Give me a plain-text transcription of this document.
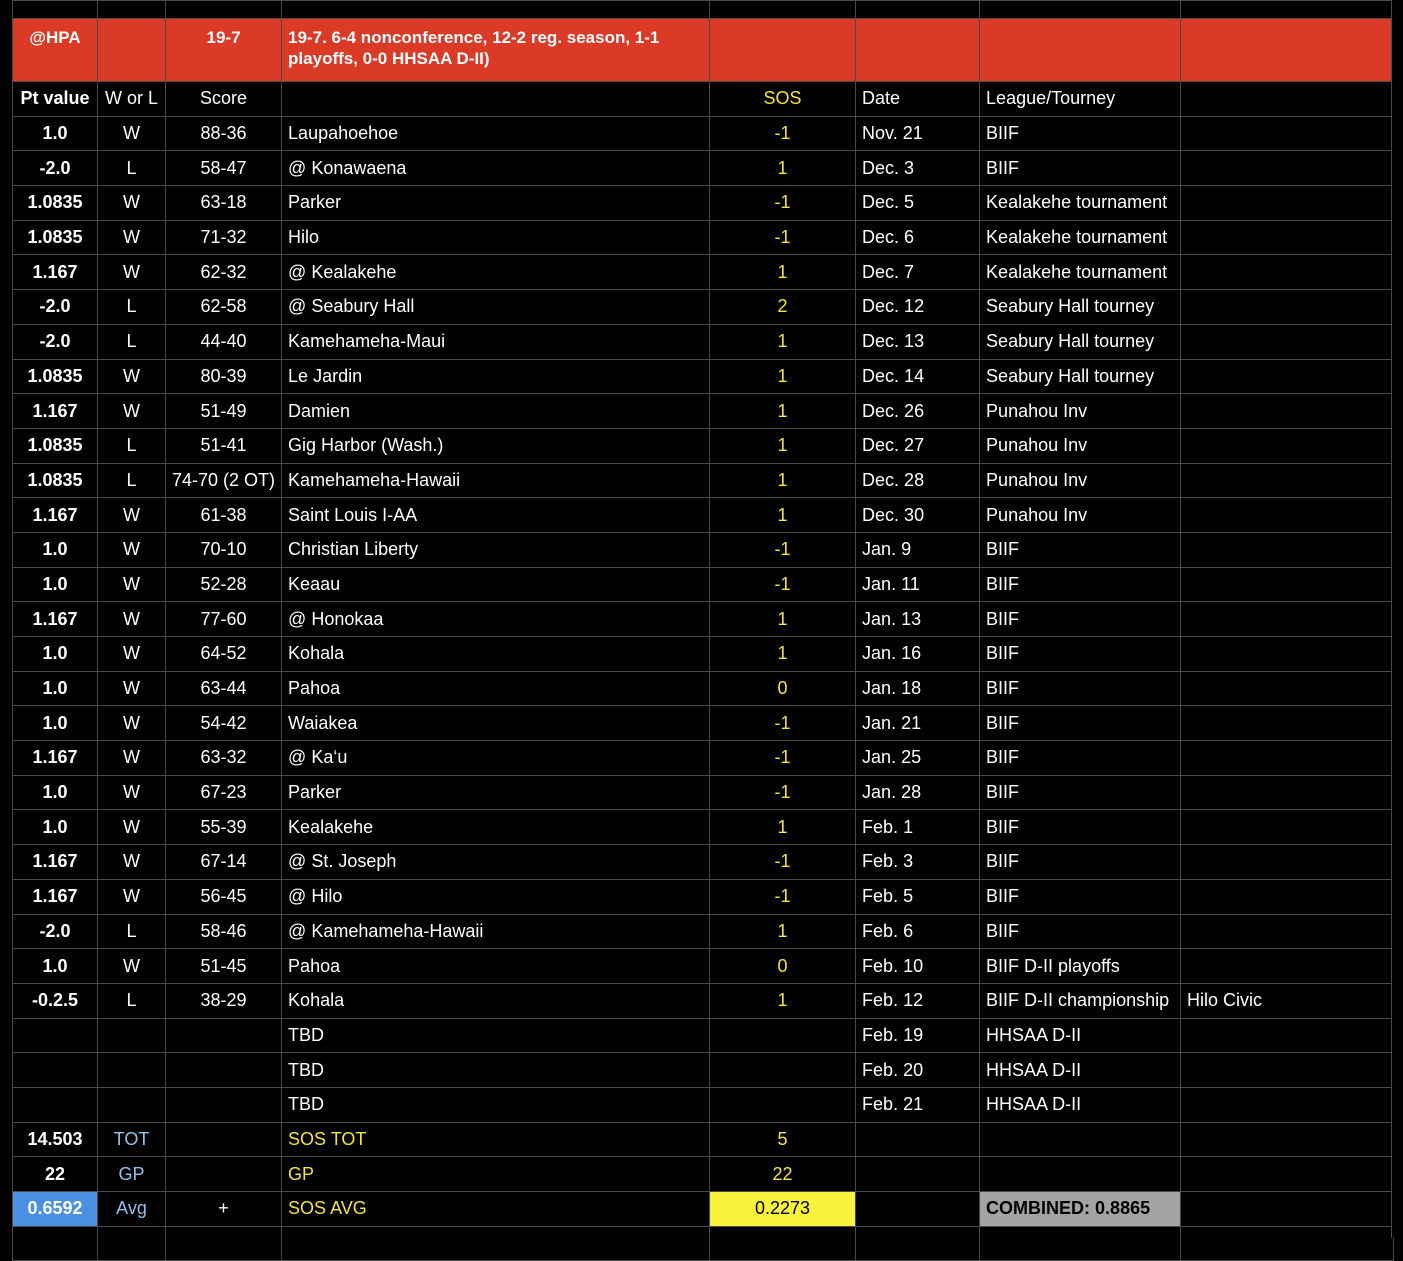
@HPA		19-7	19-7. 6-4 nonconference, 12-2 reg. season, 1-1 playoffs, 0-0 HHSAA D-II)				
Pt value	W or L	Score		SOS	Date	League/Tourney	
1.0	W	88-36	Laupahoehoe	-1	Nov. 21	BIIF	
-2.0	L	58-47	@ Konawaena	1	Dec. 3	BIIF	
1.0835	W	63-18	Parker	-1	Dec. 5	Kealakehe tournament	
1.0835	W	71-32	Hilo	-1	Dec. 6	Kealakehe tournament	
1.167	W	62-32	@ Kealakehe	1	Dec. 7	Kealakehe tournament	
-2.0	L	62-58	@ Seabury Hall	2	Dec. 12	Seabury Hall tourney	
-2.0	L	44-40	Kamehameha-Maui	1	Dec. 13	Seabury Hall tourney	
1.0835	W	80-39	Le Jardin	1	Dec. 14	Seabury Hall tourney	
1.167	W	51-49	Damien	1	Dec. 26	Punahou Inv	
1.0835	L	51-41	Gig Harbor (Wash.)	1	Dec. 27	Punahou Inv	
1.0835	L	74-70 (2 OT)	Kamehameha-Hawaii	1	Dec. 28	Punahou Inv	
1.167	W	61-38	Saint Louis I-AA	1	Dec. 30	Punahou Inv	
1.0	W	70-10	Christian Liberty	-1	Jan. 9	BIIF	
1.0	W	52-28	Keaau	-1	Jan. 11	BIIF	
1.167	W	77-60	@ Honokaa	1	Jan. 13	BIIF	
1.0	W	64-52	Kohala	1	Jan. 16	BIIF	
1.0	W	63-44	Pahoa	0	Jan. 18	BIIF	
1.0	W	54-42	Waiakea	-1	Jan. 21	BIIF	
1.167	W	63-32	@ Ka‘u	-1	Jan. 25	BIIF	
1.0	W	67-23	Parker	-1	Jan. 28	BIIF	
1.0	W	55-39	Kealakehe	1	Feb. 1	BIIF	
1.167	W	67-14	@ St. Joseph	-1	Feb. 3	BIIF	
1.167	W	56-45	@ Hilo	-1	Feb. 5	BIIF	
-2.0	L	58-46	@ Kamehameha-Hawaii	1	Feb. 6	BIIF	
1.0	W	51-45	Pahoa	0	Feb. 10	BIIF D-II playoffs	
-0.2.5	L	38-29	Kohala	1	Feb. 12	BIIF D-II championship	Hilo Civic
			TBD		Feb. 19	HHSAA D-II	
			TBD		Feb. 20	HHSAA D-II	
			TBD		Feb. 21	HHSAA D-II	
14.503	TOT		SOS TOT	5			
22	GP		GP	22			
0.6592	Avg	+	SOS AVG	0.2273		COMBINED: 0.8865	
